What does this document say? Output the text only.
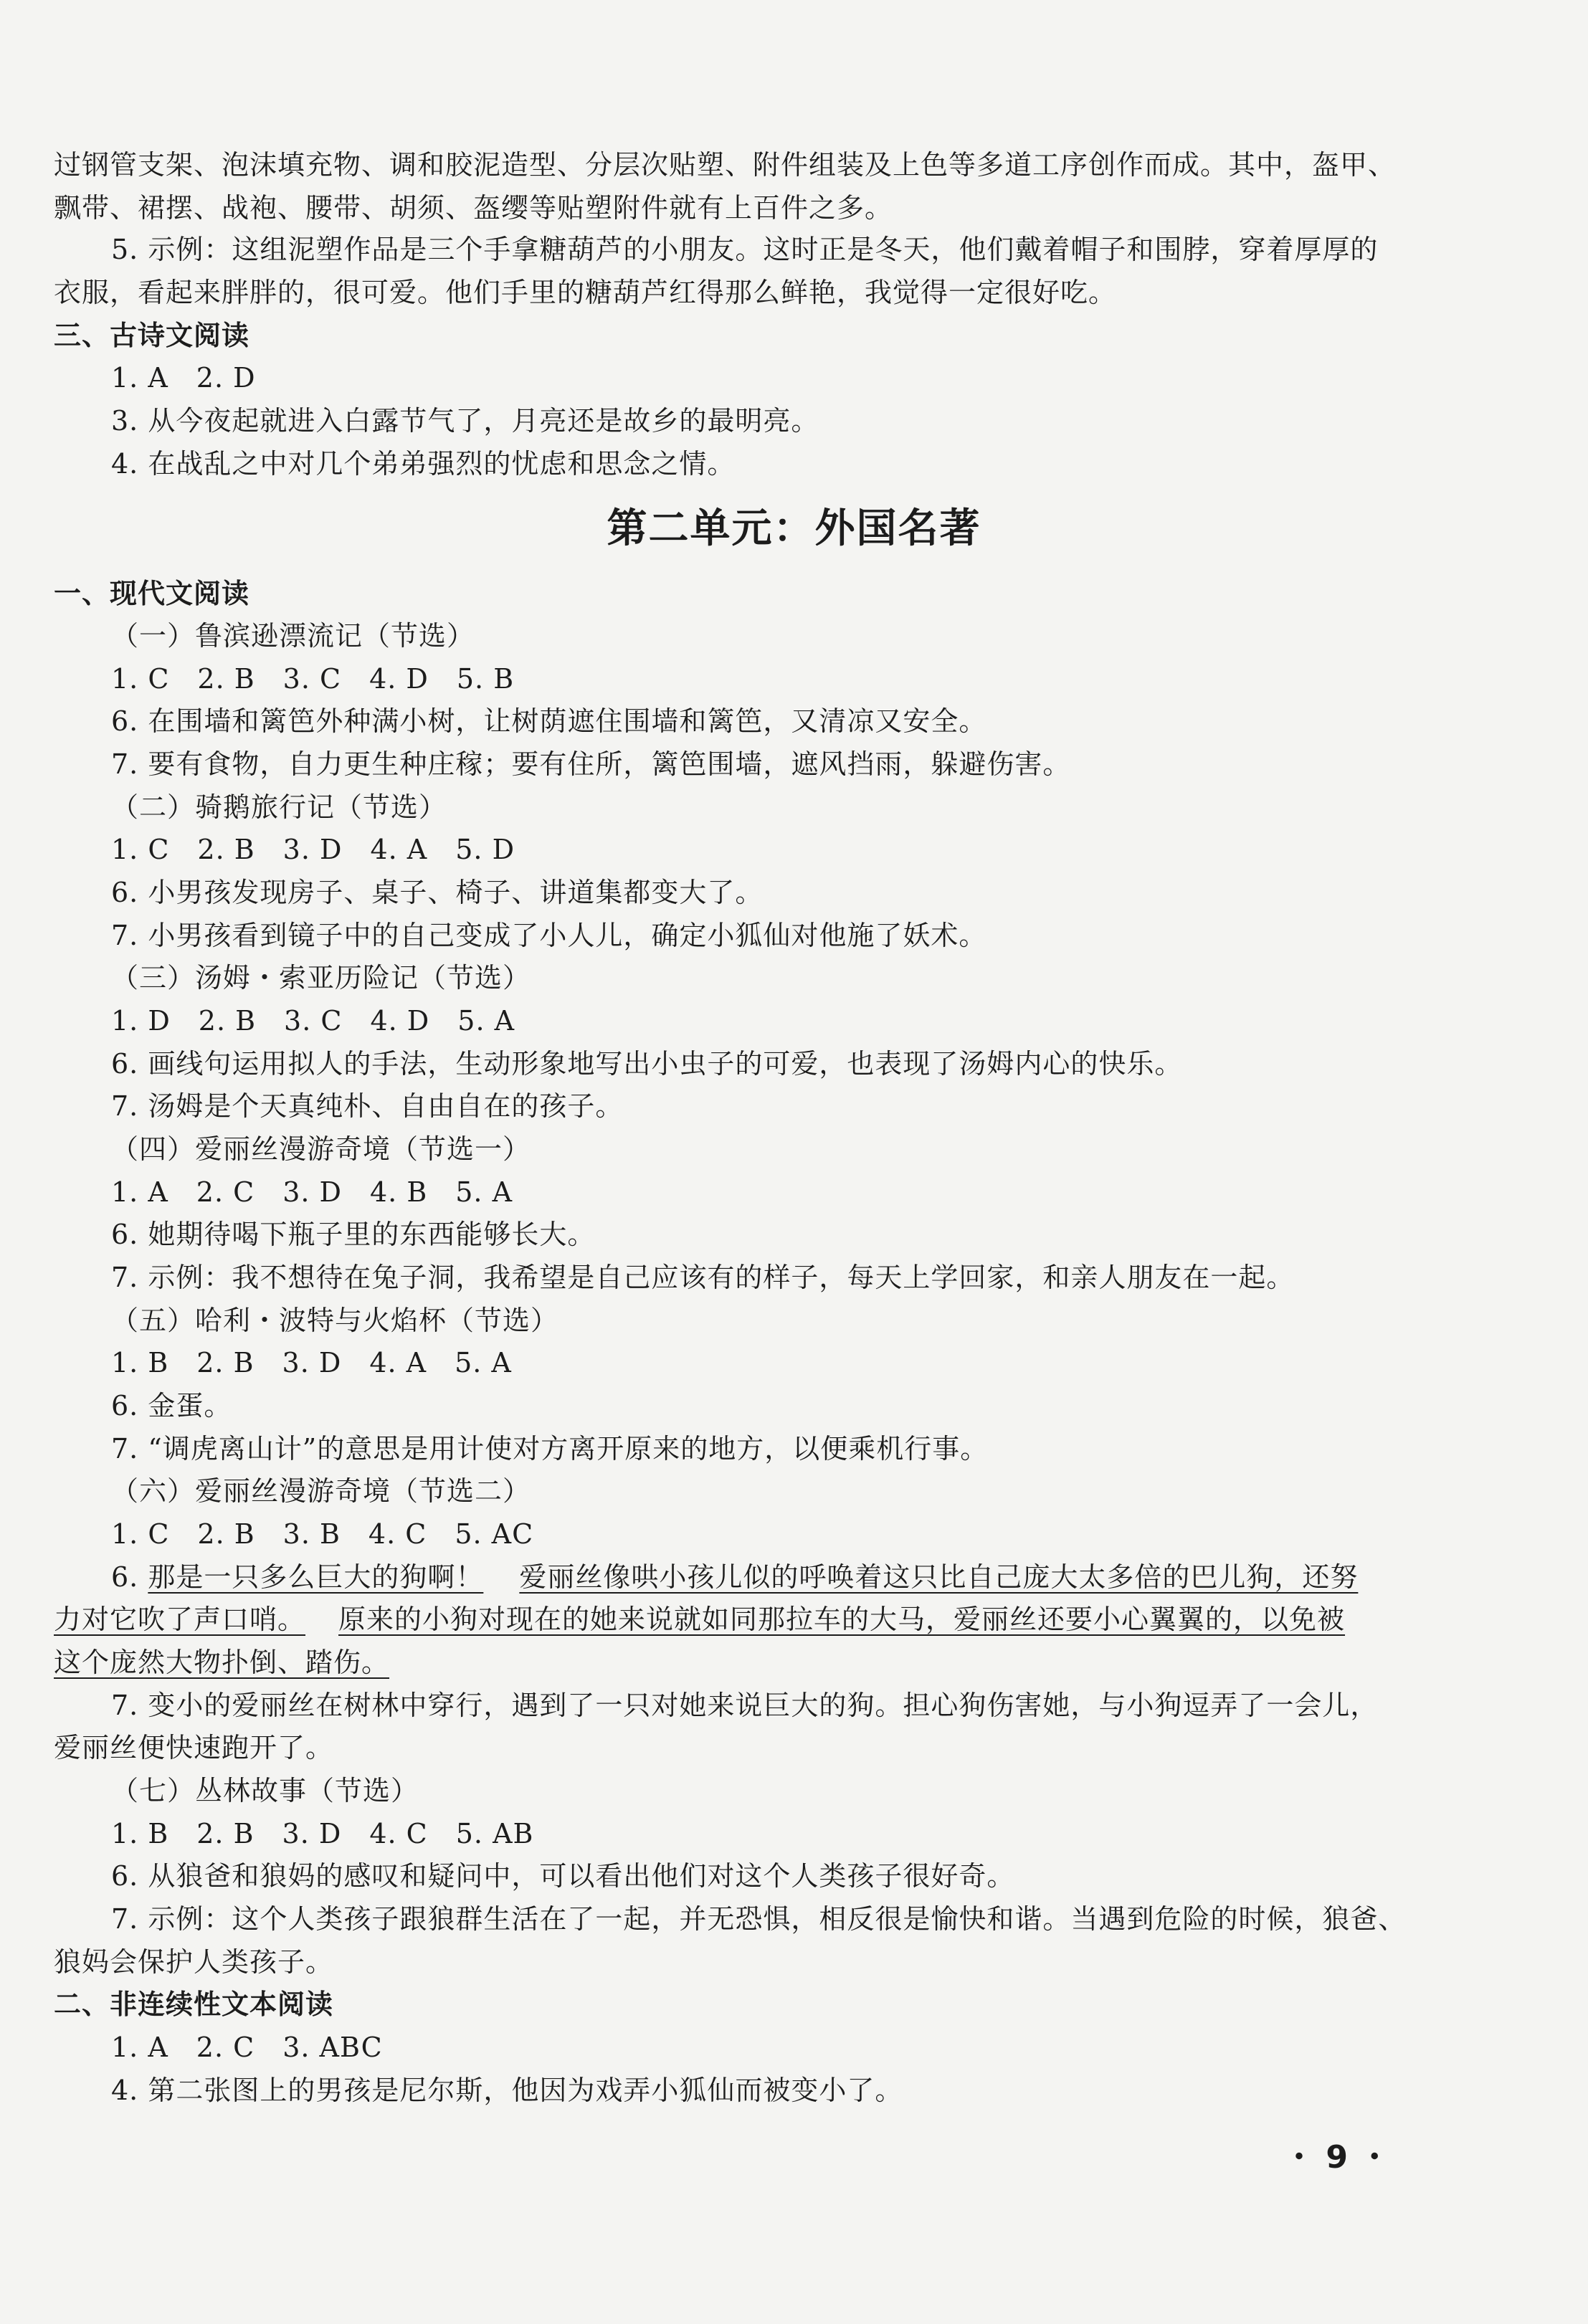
过钢管支架、泡沫填充物、调和胶泥造型、分层次贴塑、附件组装及上色等多道工序创作而成。其中，盔甲、
飘带、裙摆、战袍、腰带、胡须、盔缨等贴塑附件就有上百件之多。
5. 示例：这组泥塑作品是三个手拿糖葫芦的小朋友。这时正是冬天，他们戴着帽子和围脖，穿着厚厚的
衣服，看起来胖胖的，很可爱。他们手里的糖葫芦红得那么鲜艳，我觉得一定很好吃。
三、古诗文阅读
1. A　2. D
3. 从今夜起就进入白露节气了，月亮还是故乡的最明亮。
4. 在战乱之中对几个弟弟强烈的忧虑和思念之情。
第二单元：外国名著
一、现代文阅读
（一）鲁滨逊漂流记（节选）
1. C　2. B　3. C　4. D　5. B
6. 在围墙和篱笆外种满小树，让树荫遮住围墙和篱笆，又清凉又安全。
7. 要有食物，自力更生种庄稼；要有住所，篱笆围墙，遮风挡雨，躲避伤害。
（二）骑鹅旅行记（节选）
1. C　2. B　3. D　4. A　5. D
6. 小男孩发现房子、桌子、椅子、讲道集都变大了。
7. 小男孩看到镜子中的自己变成了小人儿，确定小狐仙对他施了妖术。
（三）汤姆・索亚历险记（节选）
1. D　2. B　3. C　4. D　5. A
6. 画线句运用拟人的手法，生动形象地写出小虫子的可爱，也表现了汤姆内心的快乐。
7. 汤姆是个天真纯朴、自由自在的孩子。
（四）爱丽丝漫游奇境（节选一）
1. A　2. C　3. D　4. B　5. A
6. 她期待喝下瓶子里的东西能够长大。
7. 示例：我不想待在兔子洞，我希望是自己应该有的样子，每天上学回家，和亲人朋友在一起。
（五）哈利・波特与火焰杯（节选）
1. B　2. B　3. D　4. A　5. A
6. 金蛋。
7. “调虎离山计”的意思是用计使对方离开原来的地方，以便乘机行事。
（六）爱丽丝漫游奇境（节选二）
1. C　2. B　3. B　4. C　5. AC
6. 那是一只多么巨大的狗啊！ 爱丽丝像哄小孩儿似的呼唤着这只比自己庞大太多倍的巴儿狗，还努
力对它吹了声口哨。 原来的小狗对现在的她来说就如同那拉车的大马，爱丽丝还要小心翼翼的，以免被
这个庞然大物扑倒、踏伤。
7. 变小的爱丽丝在树林中穿行，遇到了一只对她来说巨大的狗。担心狗伤害她，与小狗逗弄了一会儿，
爱丽丝便快速跑开了。
（七）丛林故事（节选）
1. B　2. B　3. D　4. C　5. AB
6. 从狼爸和狼妈的感叹和疑问中，可以看出他们对这个人类孩子很好奇。
7. 示例：这个人类孩子跟狼群生活在了一起，并无恐惧，相反很是愉快和谐。当遇到危险的时候，狼爸、
狼妈会保护人类孩子。
二、非连续性文本阅读
1. A　2. C　3. ABC
4. 第二张图上的男孩是尼尔斯，他因为戏弄小狐仙而被变小了。
・ 9 ・
